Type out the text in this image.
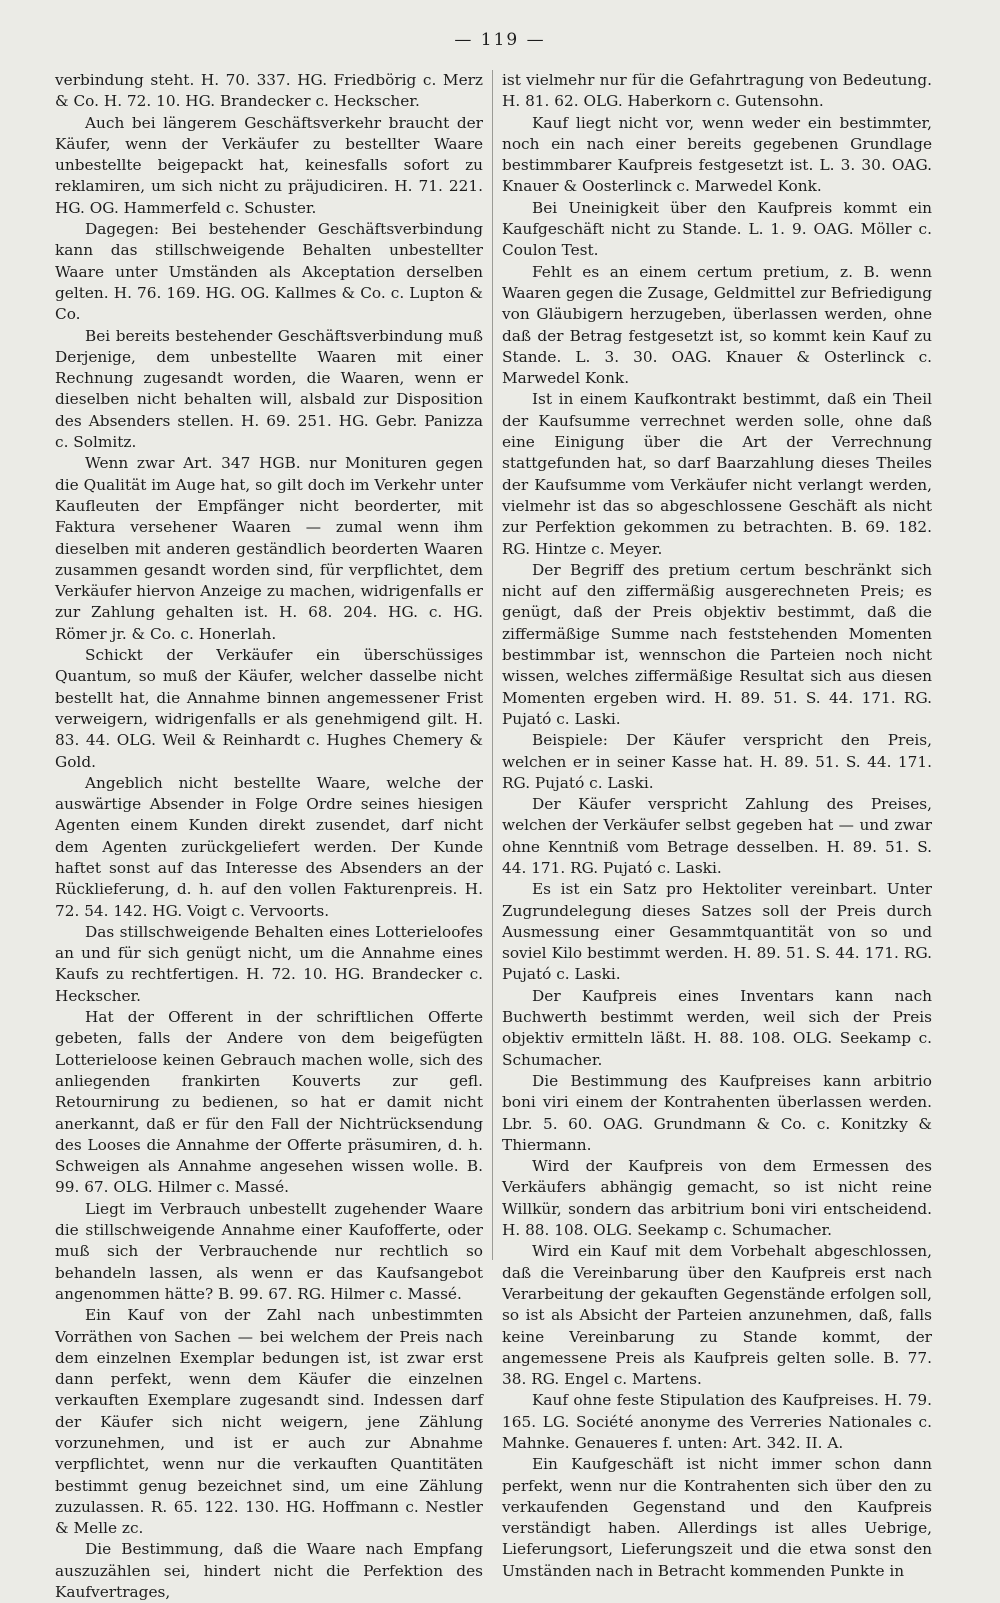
— 119 —

verbindung steht. H. 70. 337. HG. Friedbörig c. Merz & Co. H. 72. 10. HG. Brandecker c. Heckscher.

Auch bei längerem Geschäftsverkehr braucht der Käufer, wenn der Verkäufer zu bestellter Waare unbestellte beigepackt hat, keinesfalls sofort zu reklamiren, um sich nicht zu präjudiciren. H. 71. 221. HG. OG. Hammerfeld c. Schuster.

Dagegen: Bei bestehender Geschäftsverbindung kann das stillschweigende Behalten unbestellter Waare unter Umständen als Akceptation derselben gelten. H. 76. 169. HG. OG. Kallmes & Co. c. Lupton & Co.

Bei bereits bestehender Geschäftsverbindung muß Derjenige, dem unbestellte Waaren mit einer Rechnung zugesandt worden, die Waaren, wenn er dieselben nicht behalten will, alsbald zur Disposition des Absenders stellen. H. 69. 251. HG. Gebr. Panizza c. Solmitz.

Wenn zwar Art. 347 HGB. nur Monituren gegen die Qualität im Auge hat, so gilt doch im Verkehr unter Kaufleuten der Empfänger nicht beorderter, mit Faktura versehener Waaren — zumal wenn ihm dieselben mit anderen geständlich beorderten Waaren zusammen gesandt worden sind, für verpflichtet, dem Verkäufer hiervon Anzeige zu machen, widrigenfalls er zur Zahlung gehalten ist. H. 68. 204. HG. c. HG. Römer jr. & Co. c. Honerlah.

Schickt der Verkäufer ein überschüssiges Quantum, so muß der Käufer, welcher dasselbe nicht bestellt hat, die Annahme binnen angemessener Frist verweigern, widrigenfalls er als genehmigend gilt. H. 83. 44. OLG. Weil & Reinhardt c. Hughes Chemery & Gold.

Angeblich nicht bestellte Waare, welche der auswärtige Absender in Folge Ordre seines hiesigen Agenten einem Kunden direkt zusendet, darf nicht dem Agenten zurückgeliefert werden. Der Kunde haftet sonst auf das Interesse des Absenders an der Rücklieferung, d. h. auf den vollen Fakturenpreis. H. 72. 54. 142. HG. Voigt c. Vervoorts.

Das stillschweigende Behalten eines Lotterieloofes an und für sich genügt nicht, um die Annahme eines Kaufs zu rechtfertigen. H. 72. 10. HG. Brandecker c. Heckscher.

Hat der Offerent in der schriftlichen Offerte gebeten, falls der Andere von dem beigefügten Lotterieloose keinen Gebrauch machen wolle, sich des anliegenden frankirten Kouverts zur gefl. Retournirung zu bedienen, so hat er damit nicht anerkannt, daß er für den Fall der Nichtrücksendung des Looses die Annahme der Offerte präsumiren, d. h. Schweigen als Annahme angesehen wissen wolle. B. 99. 67. OLG. Hilmer c. Massé.

Liegt im Verbrauch unbestellt zugehender Waare die stillschweigende Annahme einer Kaufofferte, oder muß sich der Verbrauchende nur rechtlich so behandeln lassen, als wenn er das Kaufsangebot angenommen hätte? B. 99. 67. RG. Hilmer c. Massé.

Ein Kauf von der Zahl nach unbestimmten Vorräthen von Sachen — bei welchem der Preis nach dem einzelnen Exemplar bedungen ist, ist zwar erst dann perfekt, wenn dem Käufer die einzelnen verkauften Exemplare zugesandt sind. Indessen darf der Käufer sich nicht weigern, jene Zählung vorzunehmen, und ist er auch zur Abnahme verpflichtet, wenn nur die verkauften Quantitäten bestimmt genug bezeichnet sind, um eine Zählung zuzulassen. R. 65. 122. 130. HG. Hoffmann c. Nestler & Melle zc.

Die Bestimmung, daß die Waare nach Empfang auszuzählen sei, hindert nicht die Perfektion des Kaufvertrages,

ist vielmehr nur für die Gefahrtragung von Bedeutung. H. 81. 62. OLG. Haberkorn c. Gutensohn.

Kauf liegt nicht vor, wenn weder ein bestimmter, noch ein nach einer bereits gegebenen Grundlage bestimmbarer Kaufpreis festgesetzt ist. L. 3. 30. OAG. Knauer & Oosterlinck c. Marwedel Konk.

Bei Uneinigkeit über den Kaufpreis kommt ein Kaufgeschäft nicht zu Stande. L. 1. 9. OAG. Möller c. Coulon Test.

Fehlt es an einem certum pretium, z. B. wenn Waaren gegen die Zusage, Geldmittel zur Befriedigung von Gläubigern herzugeben, überlassen werden, ohne daß der Betrag festgesetzt ist, so kommt kein Kauf zu Stande. L. 3. 30. OAG. Knauer & Osterlinck c. Marwedel Konk.

Ist in einem Kaufkontrakt bestimmt, daß ein Theil der Kaufsumme verrechnet werden solle, ohne daß eine Einigung über die Art der Verrechnung stattgefunden hat, so darf Baarzahlung dieses Theiles der Kaufsumme vom Verkäufer nicht verlangt werden, vielmehr ist das so abgeschlossene Geschäft als nicht zur Perfektion gekommen zu betrachten. B. 69. 182. RG. Hintze c. Meyer.

Der Begriff des pretium certum beschränkt sich nicht auf den ziffermäßig ausgerechneten Preis; es genügt, daß der Preis objektiv bestimmt, daß die ziffermäßige Summe nach feststehenden Momenten bestimmbar ist, wennschon die Parteien noch nicht wissen, welches ziffermäßige Resultat sich aus diesen Momenten ergeben wird. H. 89. 51. S. 44. 171. RG. Pujató c. Laski.

Beispiele: Der Käufer verspricht den Preis, welchen er in seiner Kasse hat. H. 89. 51. S. 44. 171. RG. Pujató c. Laski.

Der Käufer verspricht Zahlung des Preises, welchen der Verkäufer selbst gegeben hat — und zwar ohne Kenntniß vom Betrage desselben. H. 89. 51. S. 44. 171. RG. Pujató c. Laski.

Es ist ein Satz pro Hektoliter vereinbart. Unter Zugrundelegung dieses Satzes soll der Preis durch Ausmessung einer Gesammtquantität von so und soviel Kilo bestimmt werden. H. 89. 51. S. 44. 171. RG. Pujató c. Laski.

Der Kaufpreis eines Inventars kann nach Buchwerth bestimmt werden, weil sich der Preis objektiv ermitteln läßt. H. 88. 108. OLG. Seekamp c. Schumacher.

Die Bestimmung des Kaufpreises kann arbitrio boni viri einem der Kontrahenten überlassen werden. Lbr. 5. 60. OAG. Grundmann & Co. c. Konitzky & Thiermann.

Wird der Kaufpreis von dem Ermessen des Verkäufers abhängig gemacht, so ist nicht reine Willkür, sondern das arbitrium boni viri entscheidend. H. 88. 108. OLG. Seekamp c. Schumacher.

Wird ein Kauf mit dem Vorbehalt abgeschlossen, daß die Vereinbarung über den Kaufpreis erst nach Verarbeitung der gekauften Gegenstände erfolgen soll, so ist als Absicht der Parteien anzunehmen, daß, falls keine Vereinbarung zu Stande kommt, der angemessene Preis als Kaufpreis gelten solle. B. 77. 38. RG. Engel c. Martens.

Kauf ohne feste Stipulation des Kaufpreises. H. 79. 165. LG. Société anonyme des Verreries Nationales c. Mahnke. Genaueres f. unten: Art. 342. II. A.

Ein Kaufgeschäft ist nicht immer schon dann perfekt, wenn nur die Kontrahenten sich über den zu verkaufenden Gegenstand und den Kaufpreis verständigt haben. Allerdings ist alles Uebrige, Lieferungsort, Lieferungszeit und die etwa sonst den Umständen nach in Betracht kommenden Punkte in
